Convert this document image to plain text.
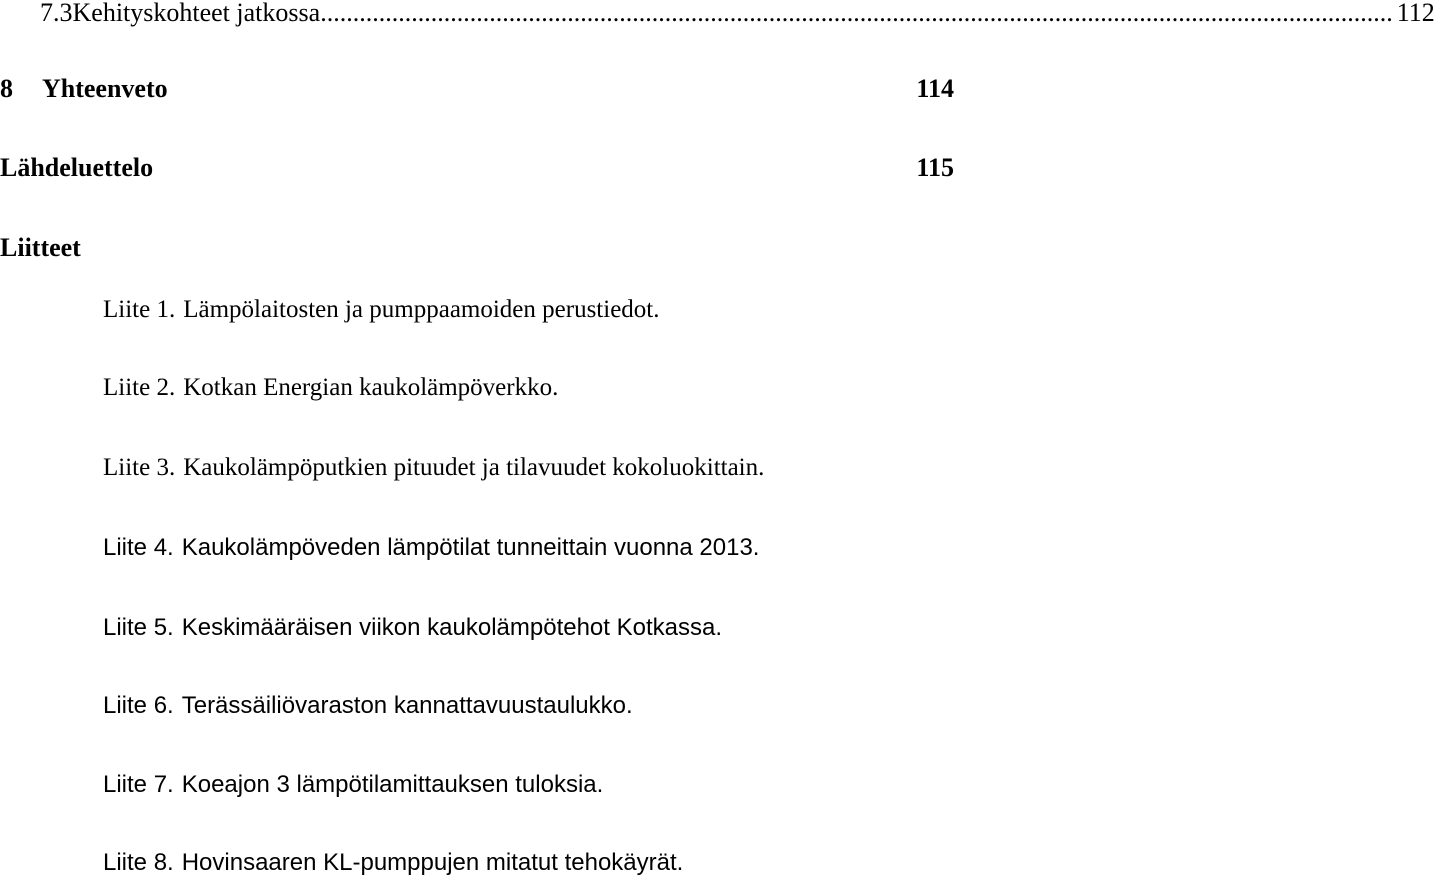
7.3 Kehityskohteet jatkossa ..................................................................................................................................................................... 112
8 Yhteenveto	114
Lähdeluettelo	115
Liitteet
Liite 1. Lämpölaitosten ja pumppaamoiden perustiedot.
Liite 2. Kotkan Energian kaukolämpöverkko.
Liite 3. Kaukolämpöputkien pituudet ja tilavuudet kokoluokittain.
Liite 4. Kaukolämpöveden lämpötilat tunneittain vuonna 2013.
Liite 5. Keskimääräisen viikon kaukolämpötehot Kotkassa.
Liite 6. Terässäiliövaraston kannattavuustaulukko.
Liite 7. Koeajon 3 lämpötilamittauksen tuloksia.
Liite 8. Hovinsaaren KL-pumppujen mitatut tehokäyrät.
